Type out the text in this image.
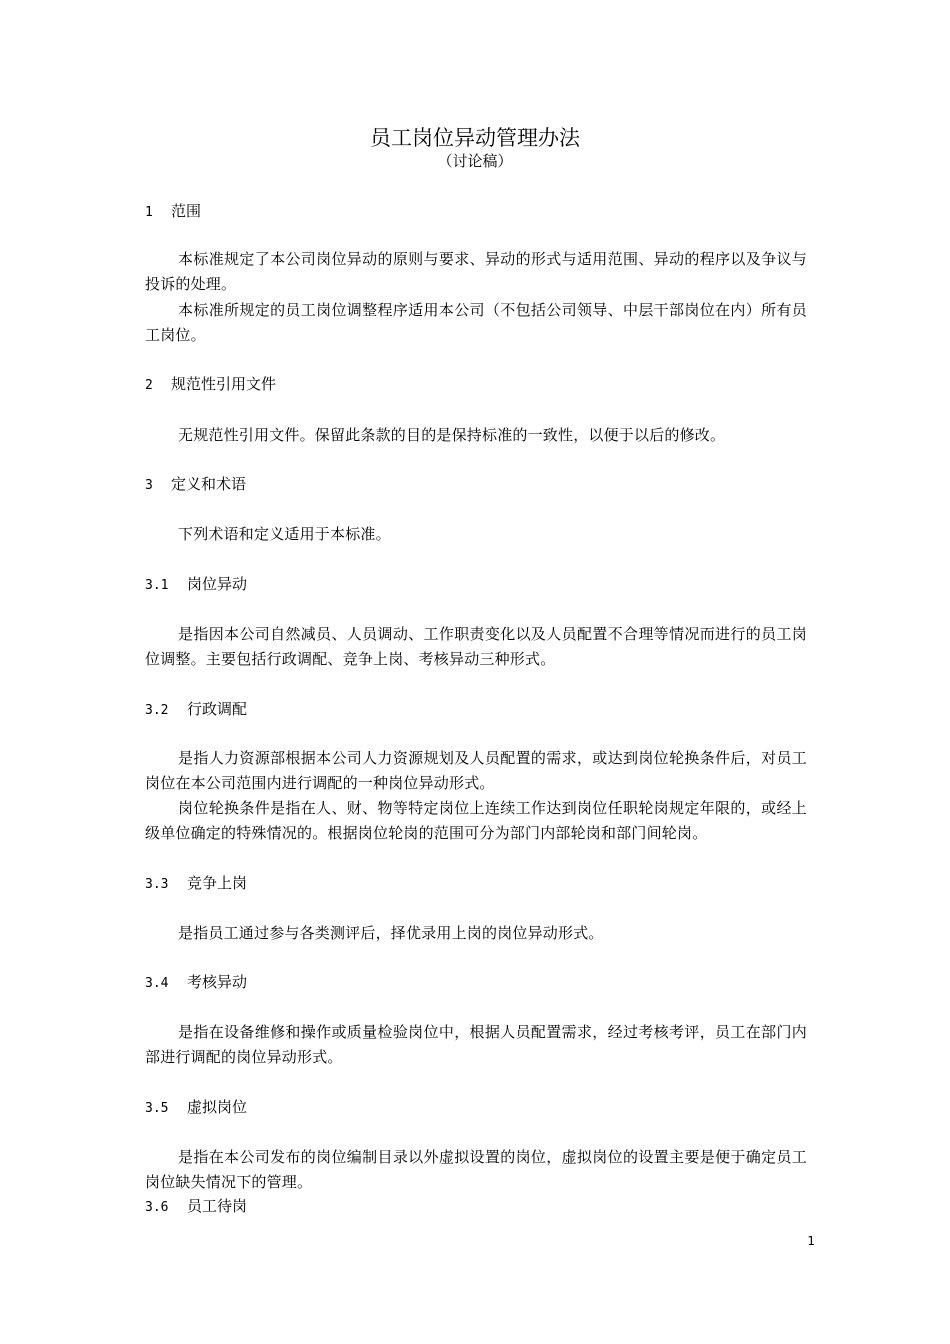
员工岗位异动管理办法
（讨论稿）
1 范围
本标准规定了本公司岗位异动的原则与要求、异动的形式与适用范围、异动的程序以及争议与投诉的处理。
本标准所规定的员工岗位调整程序适用本公司（不包括公司领导、中层干部岗位在内）所有员工岗位。
2 规范性引用文件
无规范性引用文件。保留此条款的目的是保持标准的一致性，以便于以后的修改。
3 定义和术语
下列术语和定义适用于本标准。
3.1 岗位异动
是指因本公司自然减员、人员调动、工作职责变化以及人员配置不合理等情况而进行的员工岗位调整。主要包括行政调配、竞争上岗、考核异动三种形式。
3.2 行政调配
是指人力资源部根据本公司人力资源规划及人员配置的需求，或达到岗位轮换条件后，对员工岗位在本公司范围内进行调配的一种岗位异动形式。
岗位轮换条件是指在人、财、物等特定岗位上连续工作达到岗位任职轮岗规定年限的，或经上级单位确定的特殊情况的。根据岗位轮岗的范围可分为部门内部轮岗和部门间轮岗。
3.3 竞争上岗
是指员工通过参与各类测评后，择优录用上岗的岗位异动形式。
3.4 考核异动
是指在设备维修和操作或质量检验岗位中，根据人员配置需求，经过考核考评，员工在部门内部进行调配的岗位异动形式。
3.5 虚拟岗位
是指在本公司发布的岗位编制目录以外虚拟设置的岗位，虚拟岗位的设置主要是便于确定员工岗位缺失情况下的管理。
3.6 员工待岗
1
